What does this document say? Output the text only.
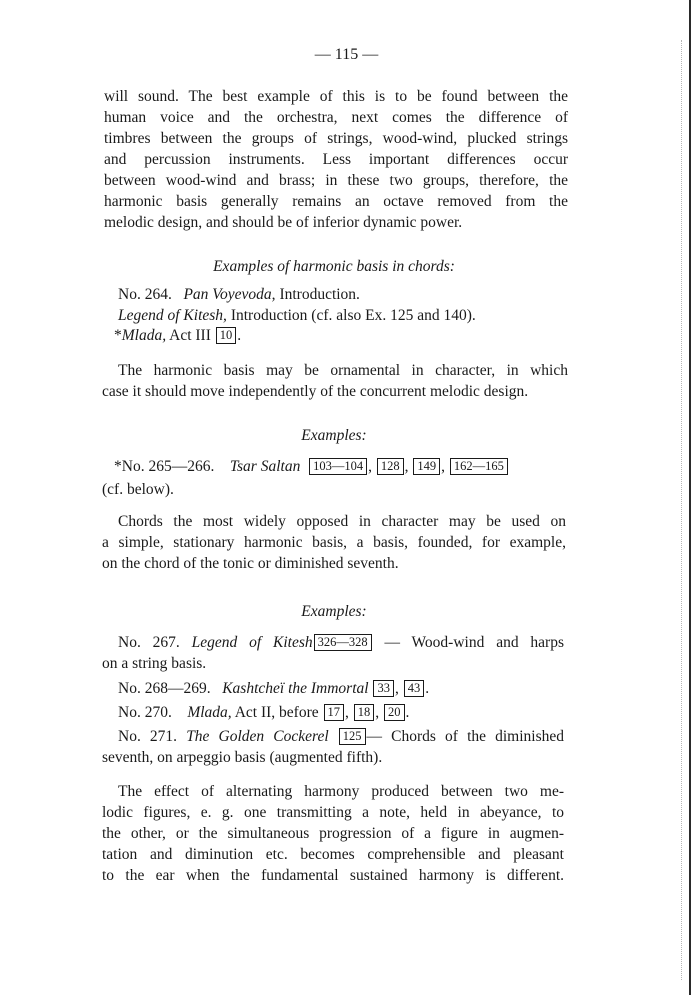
— 115 —
will sound. The best example of this is to be found between the
human voice and the orchestra, next comes the difference of
timbres between the groups of strings, wood-wind, plucked strings
and percussion instruments. Less important differences occur
between wood-wind and brass; in these two groups, therefore, the
harmonic basis generally remains an octave removed from the
melodic design, and should be of inferior dynamic power.
Examples of harmonic basis in chords:
No. 264. Pan Voyevoda, Introduction.
Legend of Kitesh, Introduction (cf. also Ex. 125 and 140).
*Mlada, Act III 10 .
The harmonic basis may be ornamental in character, in which
case it should move independently of the concurrent melodic design.
Examples:
*No. 265—266. Tsar Saltan 103—104 , 128 , 149 , 162—165
(cf. below).
Chords the most widely opposed in character may be used on
a simple, stationary harmonic basis, a basis, founded, for example,
on the chord of the tonic or diminished seventh.
Examples:
No. 267. Legend of Kitesh 326—328 — Wood-wind and harps
on a string basis.
No. 268—269. Kashtcheï the Immortal 33 , 43 .
No. 270. Mlada, Act II, before 17 , 18 , 20 .
No. 271. The Golden Cockerel 125 — Chords of the diminished
seventh, on arpeggio basis (augmented fifth).
The effect of alternating harmony produced between two me-
lodic figures, e. g. one transmitting a note, held in abeyance, to
the other, or the simultaneous progression of a figure in augmen-
tation and diminution etc. becomes comprehensible and pleasant
to the ear when the fundamental sustained harmony is different.
